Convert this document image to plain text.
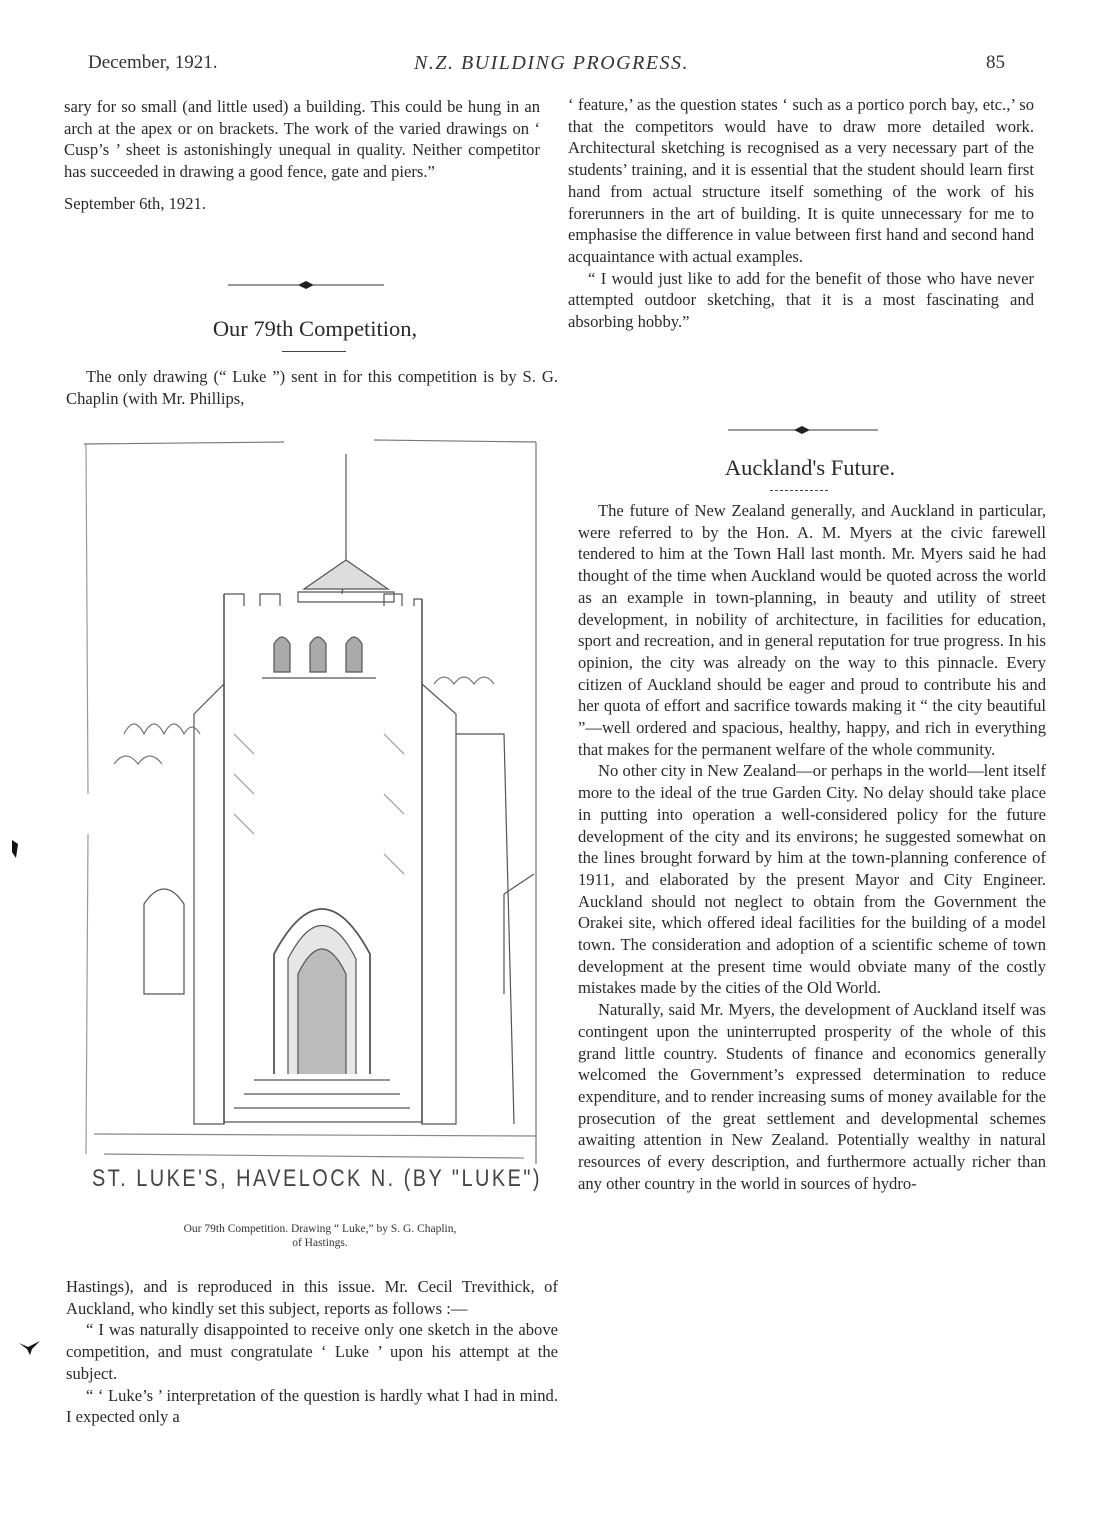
December, 1921.	N.Z. BUILDING PROGRESS.	85

sary for so small (and little used) a building. This could be hung in an arch at the apex or on brackets. The work of the varied drawings on ‘ Cusp’s ’ sheet is astonishingly unequal in quality. Neither competitor has succeeded in drawing a good fence, gate and piers.”

September 6th, 1921.

Our 79th Competition,

The only drawing (“ Luke ”) sent in for this competition is by S. G. Chaplin (with Mr. Phillips,

ST. LUKE'S, HAVELOCK N. (BY "LUKE")
Our 79th Competition. Drawing “ Luke,” by S. G. Chaplin,
of Hastings.

Hastings), and is reproduced in this issue. Mr. Cecil Trevithick, of Auckland, who kindly set this subject, reports as follows :—

“ I was naturally disappointed to receive only one sketch in the above competition, and must congratulate ‘ Luke ’ upon his attempt at the subject.

“ ‘ Luke’s ’ interpretation of the question is hardly what I had in mind. I expected only a

‘ feature,’ as the question states ‘ such as a portico porch bay, etc.,’ so that the competitors would have to draw more detailed work. Architectural sketching is recognised as a very necessary part of the students’ training, and it is essential that the student should learn first hand from actual structure itself something of the work of his forerunners in the art of building. It is quite unnecessary for me to emphasise the difference in value between first hand and second hand acquaintance with actual examples.

“ I would just like to add for the benefit of those who have never attempted outdoor sketching, that it is a most fascinating and absorbing hobby.”

Auckland's Future.

The future of New Zealand generally, and Auckland in particular, were referred to by the Hon. A. M. Myers at the civic farewell tendered to him at the Town Hall last month. Mr. Myers said he had thought of the time when Auckland would be quoted across the world as an example in town-planning, in beauty and utility of street development, in nobility of architecture, in facilities for education, sport and recreation, and in general reputation for true progress. In his opinion, the city was already on the way to this pinnacle. Every citizen of Auckland should be eager and proud to contribute his and her quota of effort and sacrifice towards making it “ the city beautiful ”—well ordered and spacious, healthy, happy, and rich in everything that makes for the permanent welfare of the whole community.

No other city in New Zealand—or perhaps in the world—lent itself more to the ideal of the true Garden City. No delay should take place in putting into operation a well-considered policy for the future development of the city and its environs; he suggested somewhat on the lines brought forward by him at the town-planning conference of 1911, and elaborated by the present Mayor and City Engineer. Auckland should not neglect to obtain from the Government the Orakei site, which offered ideal facilities for the building of a model town. The consideration and adoption of a scientific scheme of town development at the present time would obviate many of the costly mistakes made by the cities of the Old World.

Naturally, said Mr. Myers, the development of Auckland itself was contingent upon the uninterrupted prosperity of the whole of this grand little country. Students of finance and economics generally welcomed the Government’s expressed determination to reduce expenditure, and to render increasing sums of money available for the prosecution of the great settlement and developmental schemes awaiting attention in New Zealand. Potentially wealthy in natural resources of every description, and furthermore actually richer than any other country in the world in sources of hydro-
